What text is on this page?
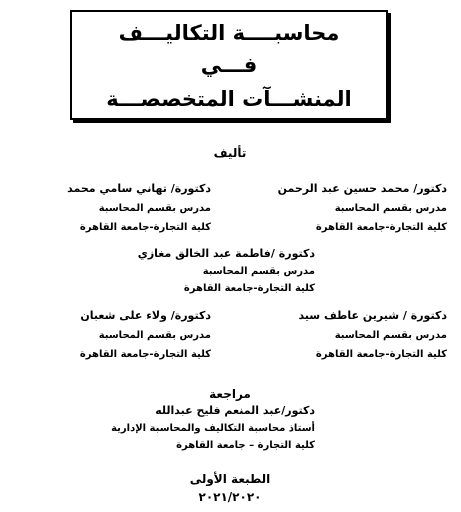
محاسبــــة التكاليـــف
فـــي
المنشـــآت المتخصصـــة
تأليف
دكتور/ محمد حسين عبد الرحمن
مدرس بقسم المحاسبة
كلية التجارة-جامعة القاهرة
دكتورة/ تهاني سامي محمد
مدرس بقسم المحاسبة
كلية التجارة-جامعة القاهرة
دكتورة /فاطمة عبد الخالق مغازي
مدرس بقسم المحاسبة
كلية التجارة-جامعة القاهرة
دكتورة / شيرين عاطف سيد
مدرس بقسم المحاسبة
كلية التجارة-جامعة القاهرة
دكتورة/ ولاء على شعبان
مدرس بقسم المحاسبة
كلية التجارة-جامعة القاهرة
مراجعة
دكتور/عبد المنعم فليح عبدالله
أستاذ محاسبة التكاليف والمحاسبة الإدارية
كلية التجارة – جامعة القاهرة
الطبعة الأولى
٢٠٢١/٢٠٢٠
